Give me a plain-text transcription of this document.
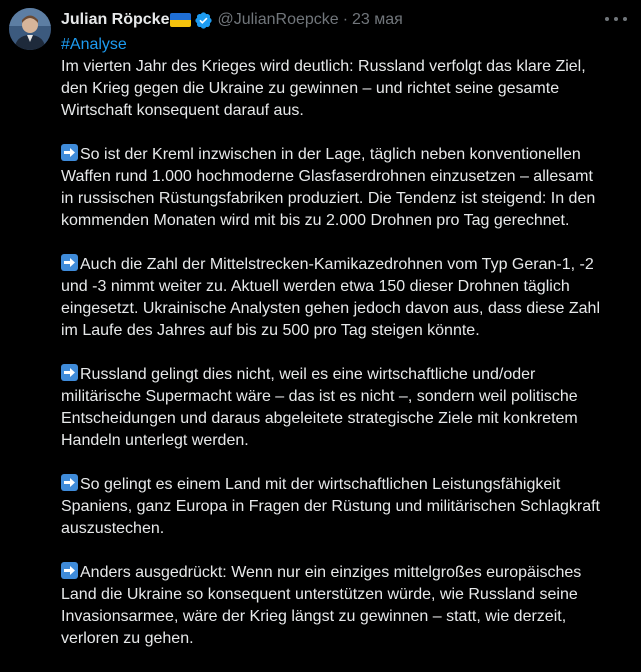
Julian Röpcke	@JulianRoepcke · 23 мая
#Analyse

Im vierten Jahr des Krieges wird deutlich: Russland verfolgt das klare Ziel,
den Krieg gegen die Ukraine zu gewinnen – und richtet seine gesamte
Wirtschaft konsequent darauf aus.

So ist der Kreml inzwischen in der Lage, täglich neben konventionellen
Waffen rund 1.000 hochmoderne Glasfaserdrohnen einzusetzen – allesamt
in russischen Rüstungsfabriken produziert. Die Tendenz ist steigend: In den
kommenden Monaten wird mit bis zu 2.000 Drohnen pro Tag gerechnet.

Auch die Zahl der Mittelstrecken-Kamikazedrohnen vom Typ Geran-1, -2
und -3 nimmt weiter zu. Aktuell werden etwa 150 dieser Drohnen täglich
eingesetzt. Ukrainische Analysten gehen jedoch davon aus, dass diese Zahl
im Laufe des Jahres auf bis zu 500 pro Tag steigen könnte.

Russland gelingt dies nicht, weil es eine wirtschaftliche und/oder
militärische Supermacht wäre – das ist es nicht –, sondern weil politische
Entscheidungen und daraus abgeleitete strategische Ziele mit konkretem
Handeln unterlegt werden.

So gelingt es einem Land mit der wirtschaftlichen Leistungsfähigkeit
Spaniens, ganz Europa in Fragen der Rüstung und militärischen Schlagkraft
auszustechen.

Anders ausgedrückt: Wenn nur ein einziges mittelgroßes europäisches
Land die Ukraine so konsequent unterstützen würde, wie Russland seine
Invasionsarmee, wäre der Krieg längst zu gewinnen – statt, wie derzeit,
verloren zu gehen.
